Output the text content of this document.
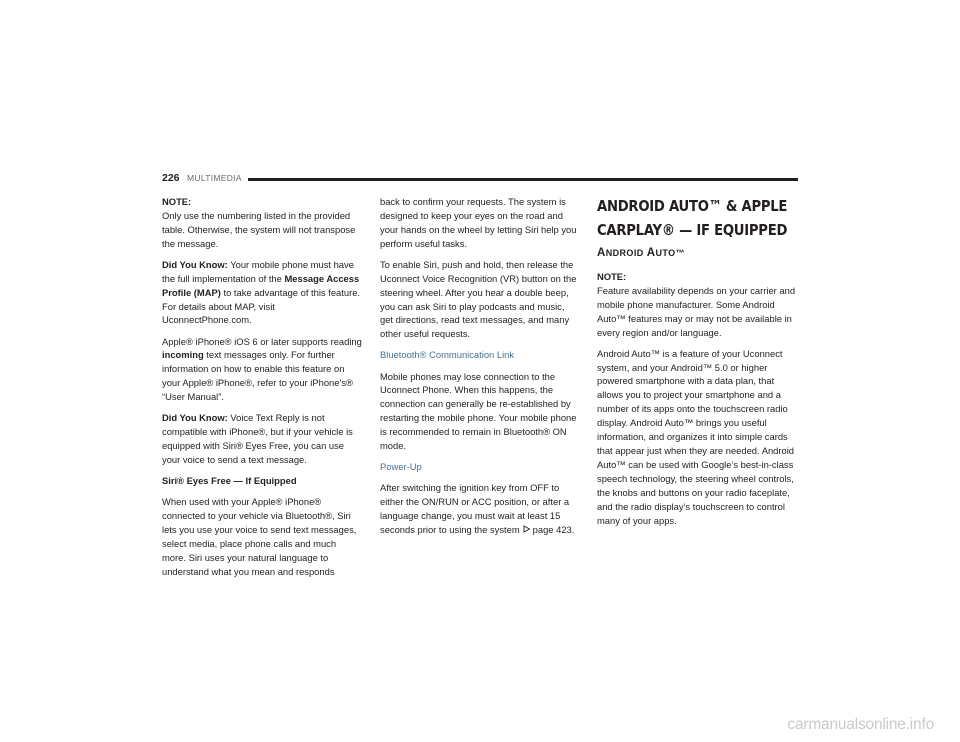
226 MULTIMEDIA

NOTE:
Only use the numbering listed in the provided table. Otherwise, the system will not transpose the message.

Did You Know: Your mobile phone must have the full implementation of the Message Access Profile (MAP) to take advantage of this feature. For details about MAP, visit UconnectPhone.com.

Apple® iPhone® iOS 6 or later supports reading incoming text messages only. For further information on how to enable this feature on your Apple® iPhone®, refer to your iPhone’s® “User Manual”.

Did You Know: Voice Text Reply is not compatible with iPhone®, but if your vehicle is equipped with Siri® Eyes Free, you can use your voice to send a text message.

Siri® Eyes Free — If Equipped

When used with your Apple® iPhone® connected to your vehicle via Bluetooth®, Siri lets you use your voice to send text messages, select media, place phone calls and much more. Siri uses your natural language to understand what you mean and responds

back to confirm your requests. The system is designed to keep your eyes on the road and your hands on the wheel by letting Siri help you perform useful tasks.

To enable Siri, push and hold, then release the Uconnect Voice Recognition (VR) button on the steering wheel. After you hear a double beep, you can ask Siri to play podcasts and music, get directions, read text messages, and many other useful requests.

Bluetooth® Communication Link

Mobile phones may lose connection to the Uconnect Phone. When this happens, the connection can generally be re-established by restarting the mobile phone. Your mobile phone is recommended to remain in Bluetooth® ON mode.

Power-Up

After switching the ignition key from OFF to either the ON/RUN or ACC position, or after a language change, you must wait at least 15 seconds prior to using the system page 423.

ANDROID AUTO™ & APPLE CARPLAY® — IF EQUIPPED
ANDROID AUTO™

NOTE:
Feature availability depends on your carrier and mobile phone manufacturer. Some Android Auto™ features may or may not be available in every region and/or language.

Android Auto™ is a feature of your Uconnect system, and your Android™ 5.0 or higher powered smartphone with a data plan, that allows you to project your smartphone and a number of its apps onto the touchscreen radio display. Android Auto™ brings you useful information, and organizes it into simple cards that appear just when they are needed. Android Auto™ can be used with Google’s best-in-class speech technology, the steering wheel controls, the knobs and buttons on your radio faceplate, and the radio display’s touchscreen to control many of your apps.

carmanualsonline.info
